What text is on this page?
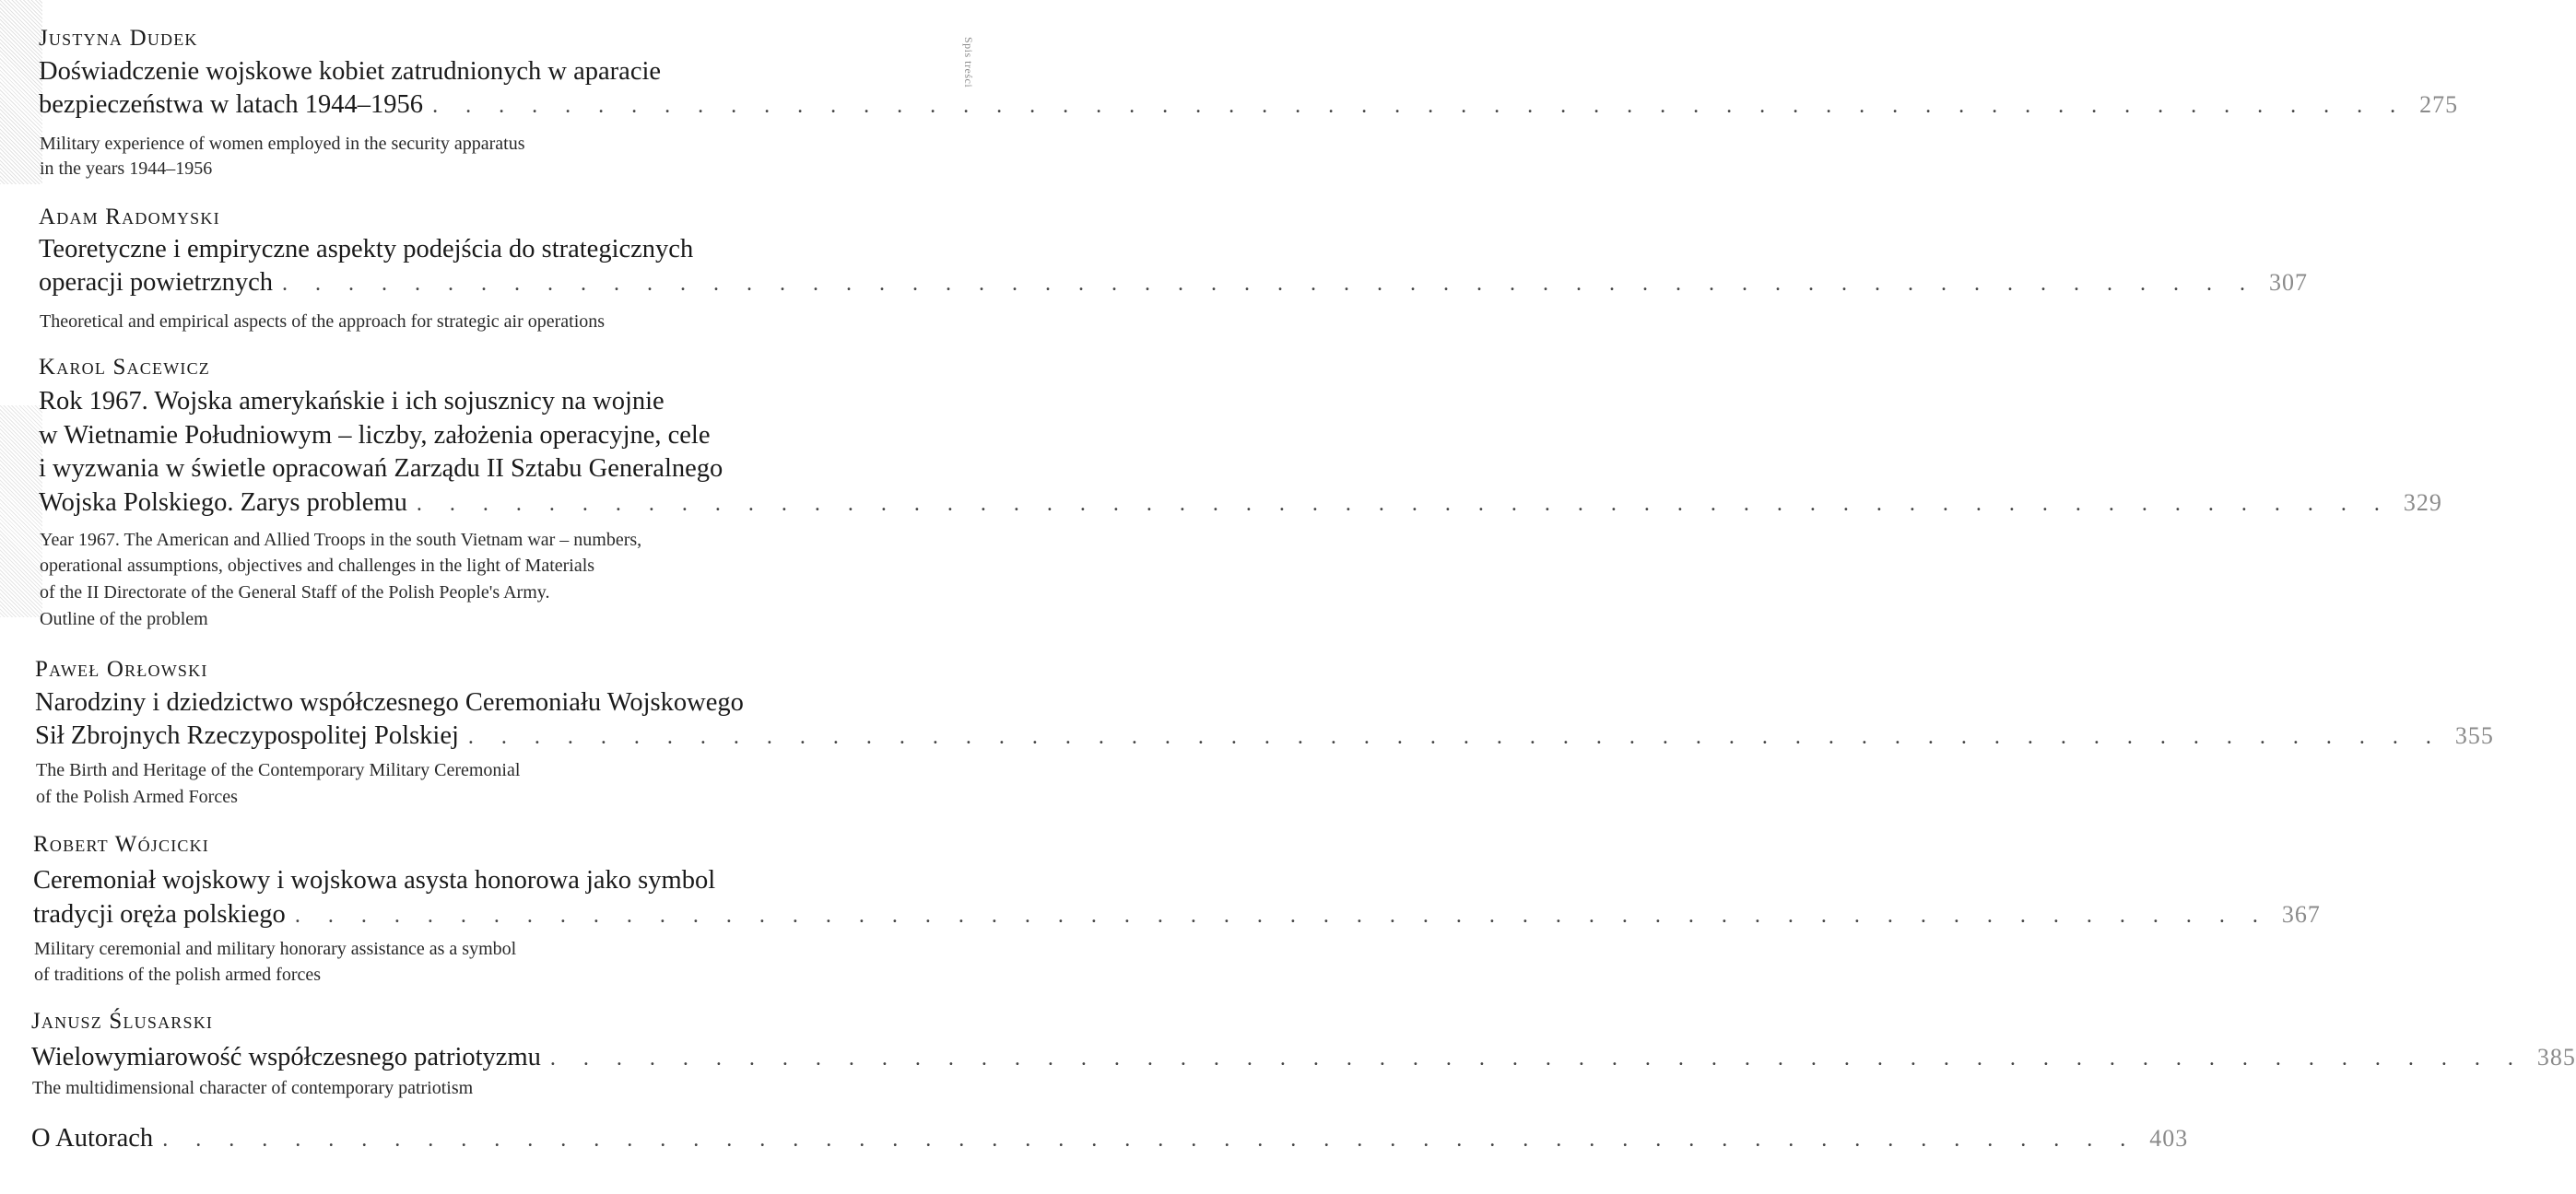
Spis treści
Justyna Dudek
Doświadczenie wojskowe kobiet zatrudnionych w aparacie
bezpieczeństwa w latach 1944–1956 . . . . . . . . . . . . . . . . . . . . . . . . . . . . . . . . . . . . . . . . . . . . . . . . . . . . . . . . . . . . 275
Military experience of women employed in the security apparatus
in the years 1944–1956
Adam Radomyski
Teoretyczne i empiryczne aspekty podejścia do strategicznych
operacji powietrznych . . . . . . . . . . . . . . . . . . . . . . . . . . . . . . . . . . . . . . . . . . . . . . . . . . . . . . . . . . . . 307
Theoretical and empirical aspects of the approach for strategic air operations
Karol Sacewicz
Rok 1967. Wojska amerykańskie i ich sojusznicy na wojnie
w Wietnamie Południowym – liczby, założenia operacyjne, cele
i wyzwania w świetle opracowań Zarządu II Sztabu Generalnego
Wojska Polskiego. Zarys problemu . . . . . . . . . . . . . . . . . . . . . . . . . . . . . . . . . . . . . . . . . . . . . . . . . . . . . . . . . . . . 329
Year 1967. The American and Allied Troops in the south Vietnam war – numbers,
operational assumptions, objectives and challenges in the light of Materials
of the II Directorate of the General Staff of the Polish People's Army.
Outline of the problem
Paweł Orłowski
Narodziny i dziedzictwo współczesnego Ceremoniału Wojskowego
Sił Zbrojnych Rzeczypospolitej Polskiej . . . . . . . . . . . . . . . . . . . . . . . . . . . . . . . . . . . . . . . . . . . . . . . . . . . . . . . . . . . . 355
The Birth and Heritage of the Contemporary Military Ceremonial
of the Polish Armed Forces
Robert Wójcicki
Ceremoniał wojskowy i wojskowa asysta honorowa jako symbol
tradycji oręża polskiego . . . . . . . . . . . . . . . . . . . . . . . . . . . . . . . . . . . . . . . . . . . . . . . . . . . . . . . . . . . . 367
Military ceremonial and military honorary assistance as a symbol
of traditions of the polish armed forces
Janusz Ślusarski
Wielowymiarowość współczesnego patriotyzmu . . . . . . . . . . . . . . . . . . . . . . . . . . . . . . . . . . . . . . . . . . . . . . . . . . . . . . . . . . . . 385
The multidimensional character of contemporary patriotism
O Autorach . . . . . . . . . . . . . . . . . . . . . . . . . . . . . . . . . . . . . . . . . . . . . . . . . . . . . . . . . . . . 403
